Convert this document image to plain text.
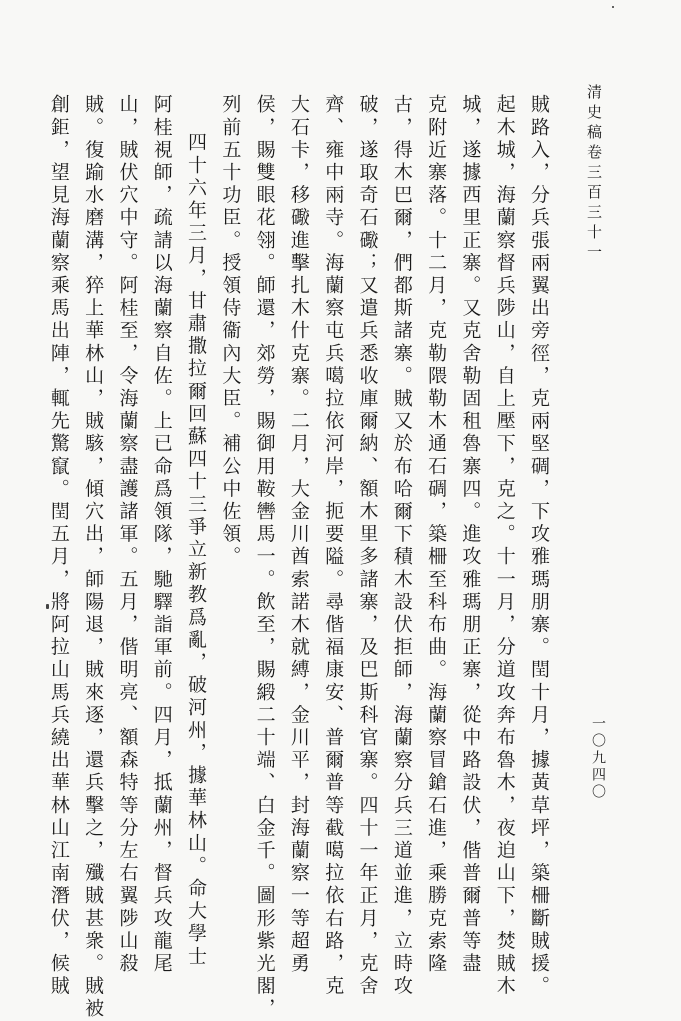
清史稿卷三百三十一
賊路入，分兵張兩翼出旁徑，克兩堅碉，下攻雅瑪朋寨。閏十月，據黃草坪，築柵斷賊援。
起木城，海蘭察督兵陟山，自上壓下，克之。十一月，分道攻奔布魯木，夜迫山下，焚賊木
城，遂據西里正寨。又克舍勒固租魯寨四。進攻雅瑪朋正寨，從中路設伏，偕普爾普等盡
克附近寨落。十二月，克勒隈勒木通石碉，築柵至科布曲。海蘭察冒鎗石進，乘勝克索隆
古，得木巴爾，們都斯諸寨。賊又於布哈爾下積木設伏拒師，海蘭察分兵三道並進，立時攻
破，遂取奇石礮；又遣兵悉收庫爾納、額木里多諸寨，及巴斯科官寨。四十一年正月，克舍
齊、雍中兩寺。海蘭察屯兵噶拉依河岸，扼要隘。尋偕福康安、普爾普等截噶拉依右路，克
大石卡，移礮進擊扎木什克寨。二月，大金川酋索諾木就縛，金川平，封海蘭察一等超勇
侯，賜雙眼花翎。師還，郊勞，賜御用鞍轡馬一。飲至，賜緞二十端、白金千。圖形紫光閣，
列前五十功臣。授領侍衞內大臣。補公中佐領。
四十六年三月，甘肅撒拉爾回蘇四十三爭立新教爲亂，破河州，據華林山。命大學士
阿桂視師，疏請以海蘭察自佐。上已命爲領隊，馳驛詣軍前。四月，抵蘭州，督兵攻龍尾
山，賊伏穴中守。阿桂至，令海蘭察盡護諸軍。五月，偕明亮、額森特等分左右翼陟山殺
賊。復踰水磨溝，猝上華林山，賊駭，傾穴出，師陽退，賊來逐，還兵擊之，殲賊甚衆。賊被
創鉅，望見海蘭察乘馬出陣，輒先驚竄。閏五月，將阿拉山馬兵繞出華林山江南潛伏，候賊	一〇九四〇
